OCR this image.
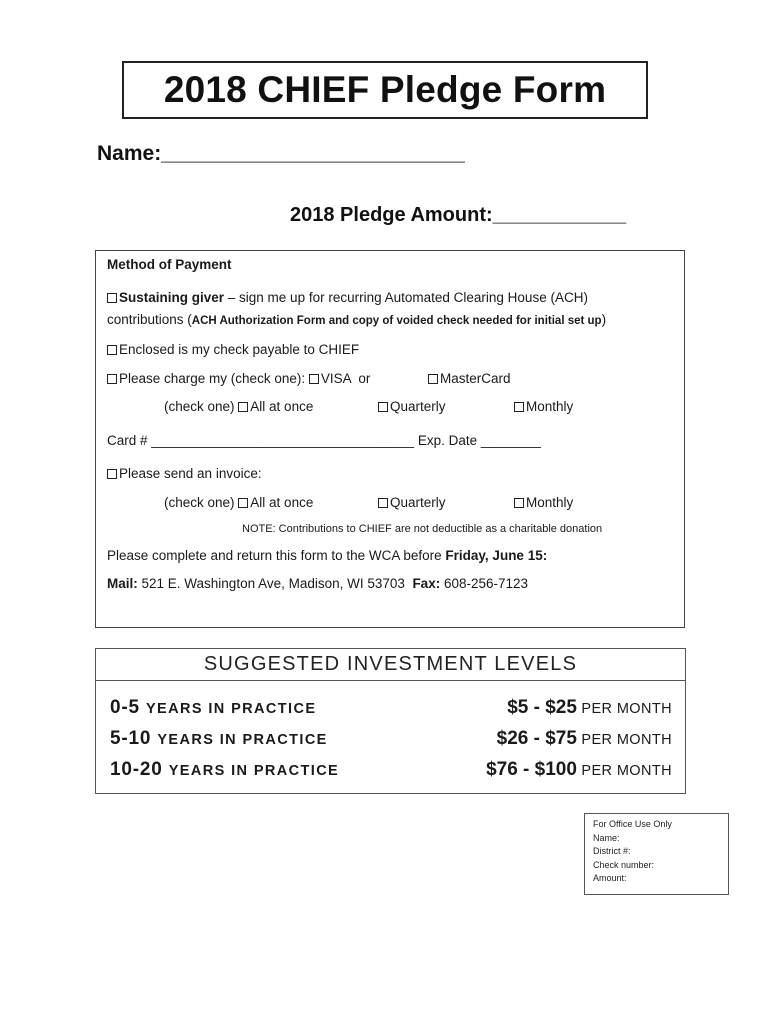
2018 CHIEF Pledge Form
Name:__________________________
2018 Pledge Amount:____________
Method of Payment
Sustaining giver – sign me up for recurring Automated Clearing House (ACH)
contributions (ACH Authorization Form and copy of voided check needed for initial set up)
Enclosed is my check payable to CHIEF
Please charge my (check one): VISA  or	MasterCard
(check one) All at once	Quarterly	Monthly
Card # ___________________________________ Exp. Date ________
Please send an invoice:
(check one) All at once	Quarterly	Monthly
NOTE: Contributions to CHIEF are not deductible as a charitable donation
Please complete and return this form to the WCA before Friday, June 15:
Mail: 521 E. Washington Ave, Madison, WI 53703  Fax: 608-256-7123
SUGGESTED INVESTMENT LEVELS
0-5 YEARS IN PRACTICE	$5 - $25 PER MONTH
5-10 YEARS IN PRACTICE	$26 - $75 PER MONTH
10-20 YEARS IN PRACTICE	$76 - $100 PER MONTH
For Office Use Only
Name:
District #:
Check number:
Amount:
